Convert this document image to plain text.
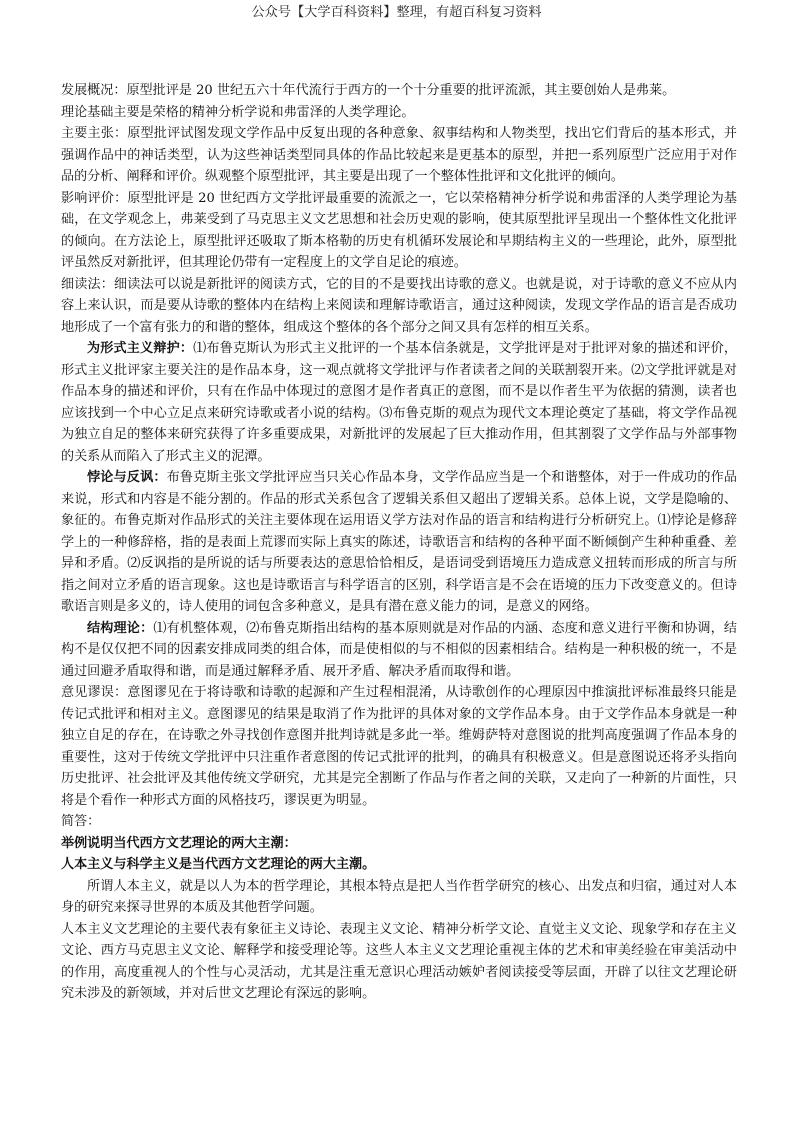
公众号【大学百科资料】整理，有超百科复习资料

发展概况：原型批评是 20 世纪五六十年代流行于西方的一个十分重要的批评流派，其主要创始人是弗莱。

理论基础主要是荣格的精神分析学说和弗雷泽的人类学理论。

主要主张：原型批评试图发现文学作品中反复出现的各种意象、叙事结构和人物类型，找出它们背后的基本形式，并强调作品中的神话类型，认为这些神话类型同具体的作品比较起来是更基本的原型，并把一系列原型广泛应用于对作品的分析、阐释和评价。纵观整个原型批评，其主要是出现了一个整体性批评和文化批评的倾向。

影响评价：原型批评是 20 世纪西方文学批评最重要的流派之一，它以荣格精神分析学说和弗雷泽的人类学理论为基础，在文学观念上，弗莱受到了马克思主义文艺思想和社会历史观的影响，使其原型批评呈现出一个整体性文化批评的倾向。在方法论上，原型批评还吸取了斯本格勒的历史有机循环发展论和早期结构主义的一些理论，此外，原型批评虽然反对新批评，但其理论仍带有一定程度上的文学自足论的痕迹。

细读法：细读法可以说是新批评的阅读方式，它的目的不是要找出诗歌的意义。也就是说，对于诗歌的意义不应从内容上来认识，而是要从诗歌的整体内在结构上来阅读和理解诗歌语言，通过这种阅读，发现文学作品的语言是否成功地形成了一个富有张力的和谐的整体，组成这个整体的各个部分之间又具有怎样的相互关系。

为形式主义辩护：⑴布鲁克斯认为形式主义批评的一个基本信条就是，文学批评是对于批评对象的描述和评价，形式主义批评家主要关注的是作品本身，这一观点就将文学批评与作者读者之间的关联割裂开来。⑵文学批评就是对作品本身的描述和评价，只有在作品中体现过的意图才是作者真正的意图，而不是以作者生平为依据的猜测，读者也应该找到一个中心立足点来研究诗歌或者小说的结构。⑶布鲁克斯的观点为现代文本理论奠定了基础，将文学作品视为独立自足的整体来研究获得了许多重要成果，对新批评的发展起了巨大推动作用，但其割裂了文学作品与外部事物的关系从而陷入了形式主义的泥潭。

悖论与反讽：布鲁克斯主张文学批评应当只关心作品本身，文学作品应当是一个和谐整体，对于一件成功的作品来说，形式和内容是不能分割的。作品的形式关系包含了逻辑关系但又超出了逻辑关系。总体上说，文学是隐喻的、象征的。布鲁克斯对作品形式的关注主要体现在运用语义学方法对作品的语言和结构进行分析研究上。⑴悖论是修辞学上的一种修辞格，指的是表面上荒谬而实际上真实的陈述，诗歌语言和结构的各种平面不断倾倒产生种种重叠、差异和矛盾。⑵反讽指的是所说的话与所要表达的意思恰恰相反，是语词受到语境压力造成意义扭转而形成的所言与所指之间对立矛盾的语言现象。这也是诗歌语言与科学语言的区别，科学语言是不会在语境的压力下改变意义的。但诗歌语言则是多义的，诗人使用的词包含多种意义，是具有潜在意义能力的词，是意义的网络。

结构理论：⑴有机整体观，⑵布鲁克斯指出结构的基本原则就是对作品的内涵、态度和意义进行平衡和协调，结构不是仅仅把不同的因素安排成同类的组合体，而是使相似的与不相似的因素相结合。结构是一种积极的统一，不是通过回避矛盾取得和谐，而是通过解释矛盾、展开矛盾、解决矛盾而取得和谐。

意见谬误：意图谬见在于将诗歌和诗歌的起源和产生过程相混淆，从诗歌创作的心理原因中推演批评标准最终只能是传记式批评和相对主义。意图谬见的结果是取消了作为批评的具体对象的文学作品本身。由于文学作品本身就是一种独立自足的存在，在诗歌之外寻找创作意图并批判诗就是多此一举。维姆萨特对意图说的批判高度强调了作品本身的重要性，这对于传统文学批评中只注重作者意图的传记式批评的批判，的确具有积极意义。但是意图说还将矛头指向历史批评、社会批评及其他传统文学研究，尤其是完全割断了作品与作者之间的关联，又走向了一种新的片面性，只将是个看作一种形式方面的风格技巧，谬误更为明显。

简答：

举例说明当代西方文艺理论的两大主潮：

人本主义与科学主义是当代西方文艺理论的两大主潮。

所谓人本主义，就是以人为本的哲学理论，其根本特点是把人当作哲学研究的核心、出发点和归宿，通过对人本身的研究来探寻世界的本质及其他哲学问题。

人本主义文艺理论的主要代表有象征主义诗论、表现主义文论、精神分析学文论、直觉主义文论、现象学和存在主义文论、西方马克思主义文论、解释学和接受理论等。这些人本主义文艺理论重视主体的艺术和审美经验在审美活动中的作用，高度重视人的个性与心灵活动，尤其是注重无意识心理活动嫉妒者阅读接受等层面，开辟了以往文艺理论研究未涉及的新领域，并对后世文艺理论有深远的影响。
